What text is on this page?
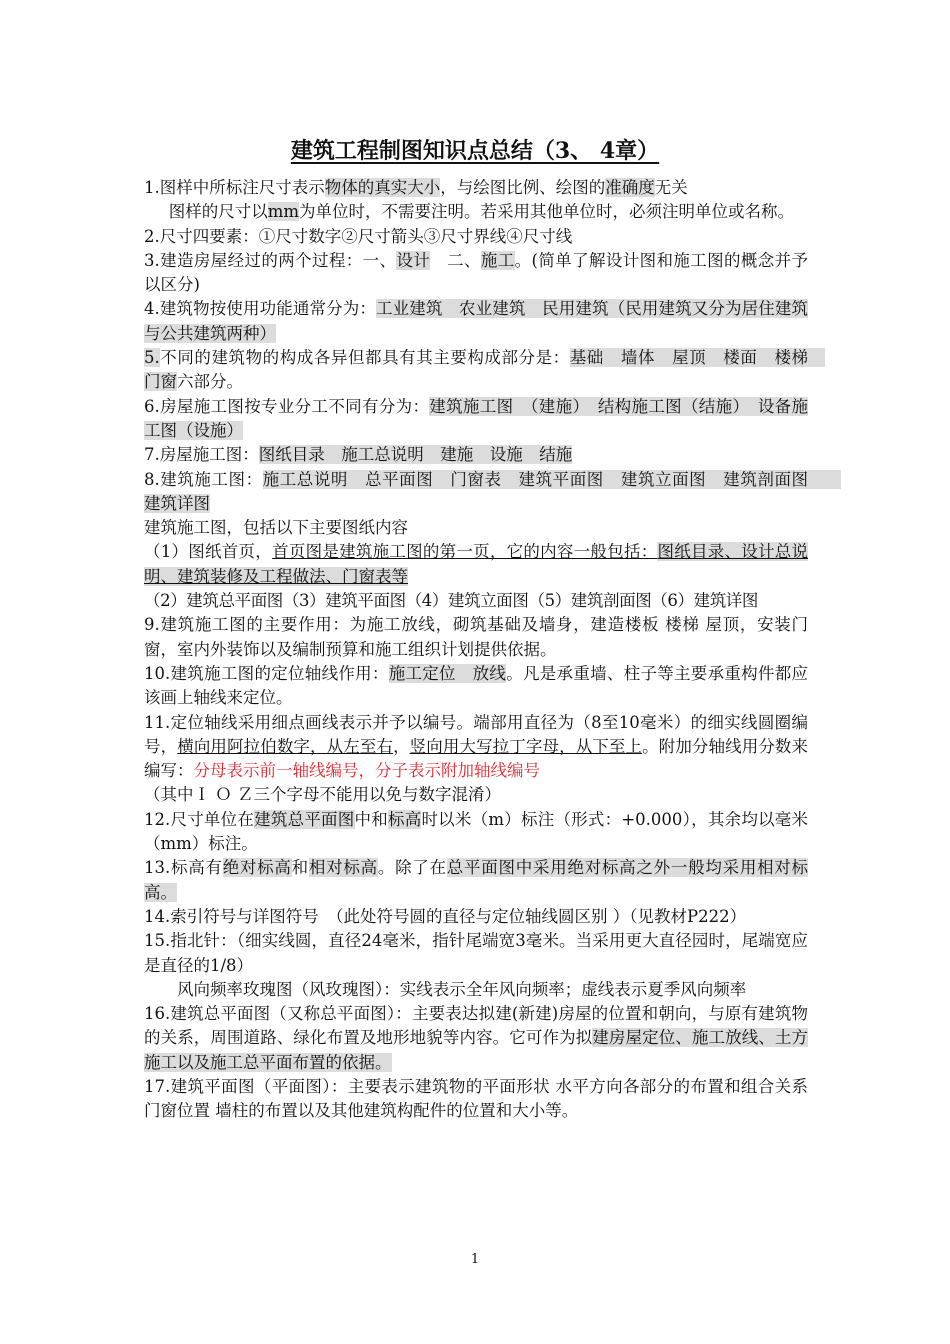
建筑工程制图知识点总结（3、 4章）

1.图样中所标注尺寸表示物体的真实大小，与绘图比例、绘图的准确度无关

图样的尺寸以mm为单位时，不需要注明。若采用其他单位时，必须注明单位或名称。

2.尺寸四要素：①尺寸数字②尺寸箭头③尺寸界线④尺寸线

3.建造房屋经过的两个过程：一、设计　二、施工。(简单了解设计图和施工图的概念并予以区分)

4.建筑物按使用功能通常分为：工业建筑　农业建筑　民用建筑（民用建筑又分为居住建筑与公共建筑两种）

5.不同的建筑物的构成各异但都具有其主要构成部分是：基础　墙体　屋顶　楼面　楼梯　门窗六部分。

6.房屋施工图按专业分工不同有分为：建筑施工图　（建施）　结构施工图（结施）　设备施工图（设施）

7.房屋施工图：图纸目录　施工总说明　建施　设施　结施

8.建筑施工图：施工总说明　总平面图　门窗表　建筑平面图　建筑立面图　建筑剖面图　　建筑详图

建筑施工图，包括以下主要图纸内容

（1）图纸首页，首页图是建筑施工图的第一页，它的内容一般包括：图纸目录、设计总说明、建筑装修及工程做法、门窗表等

（2）建筑总平面图（3）建筑平面图（4）建筑立面图（5）建筑剖面图（6）建筑详图

9.建筑施工图的主要作用：为施工放线，砌筑基础及墙身，建造楼板 楼梯 屋顶，安装门窗，室内外装饰以及编制预算和施工组织计划提供依据。

10.建筑施工图的定位轴线作用：施工定位　放线。凡是承重墙、柱子等主要承重构件都应该画上轴线来定位。

11.定位轴线采用细点画线表示并予以编号。端部用直径为（8至10毫米）的细实线圆圈编号，横向用阿拉伯数字，从左至右，竖向用大写拉丁字母，从下至上。附加分轴线用分数来编写：分母表示前一轴线编号，分子表示附加轴线编号

（其中Ｉ Ｏ Ｚ三个字母不能用以免与数字混淆）

12.尺寸单位在建筑总平面图中和标高时以米（m）标注（形式：+0.000），其余均以毫米（mm）标注。

13.标高有绝对标高和相对标高。除了在总平面图中采用绝对标高之外一般均采用相对标高。

14.索引符号与详图符号　（此处符号圆的直径与定位轴线圆区别 ）（见教材P222）

15.指北针：（细实线圆，直径24毫米，指针尾端宽3毫米。当采用更大直径园时，尾端宽应是直径的1/8）

风向频率玫瑰图（风玫瑰图）：实线表示全年风向频率；虚线表示夏季风向频率

16.建筑总平面图（又称总平面图）：主要表达拟建(新建)房屋的位置和朝向，与原有建筑物的关系，周围道路、绿化布置及地形地貌等内容。它可作为拟建房屋定位、施工放线、土方施工以及施工总平面布置的依据。

17.建筑平面图（平面图）：主要表示建筑物的平面形状 水平方向各部分的布置和组合关系 门窗位置 墙柱的布置以及其他建筑构配件的位置和大小等。

1
